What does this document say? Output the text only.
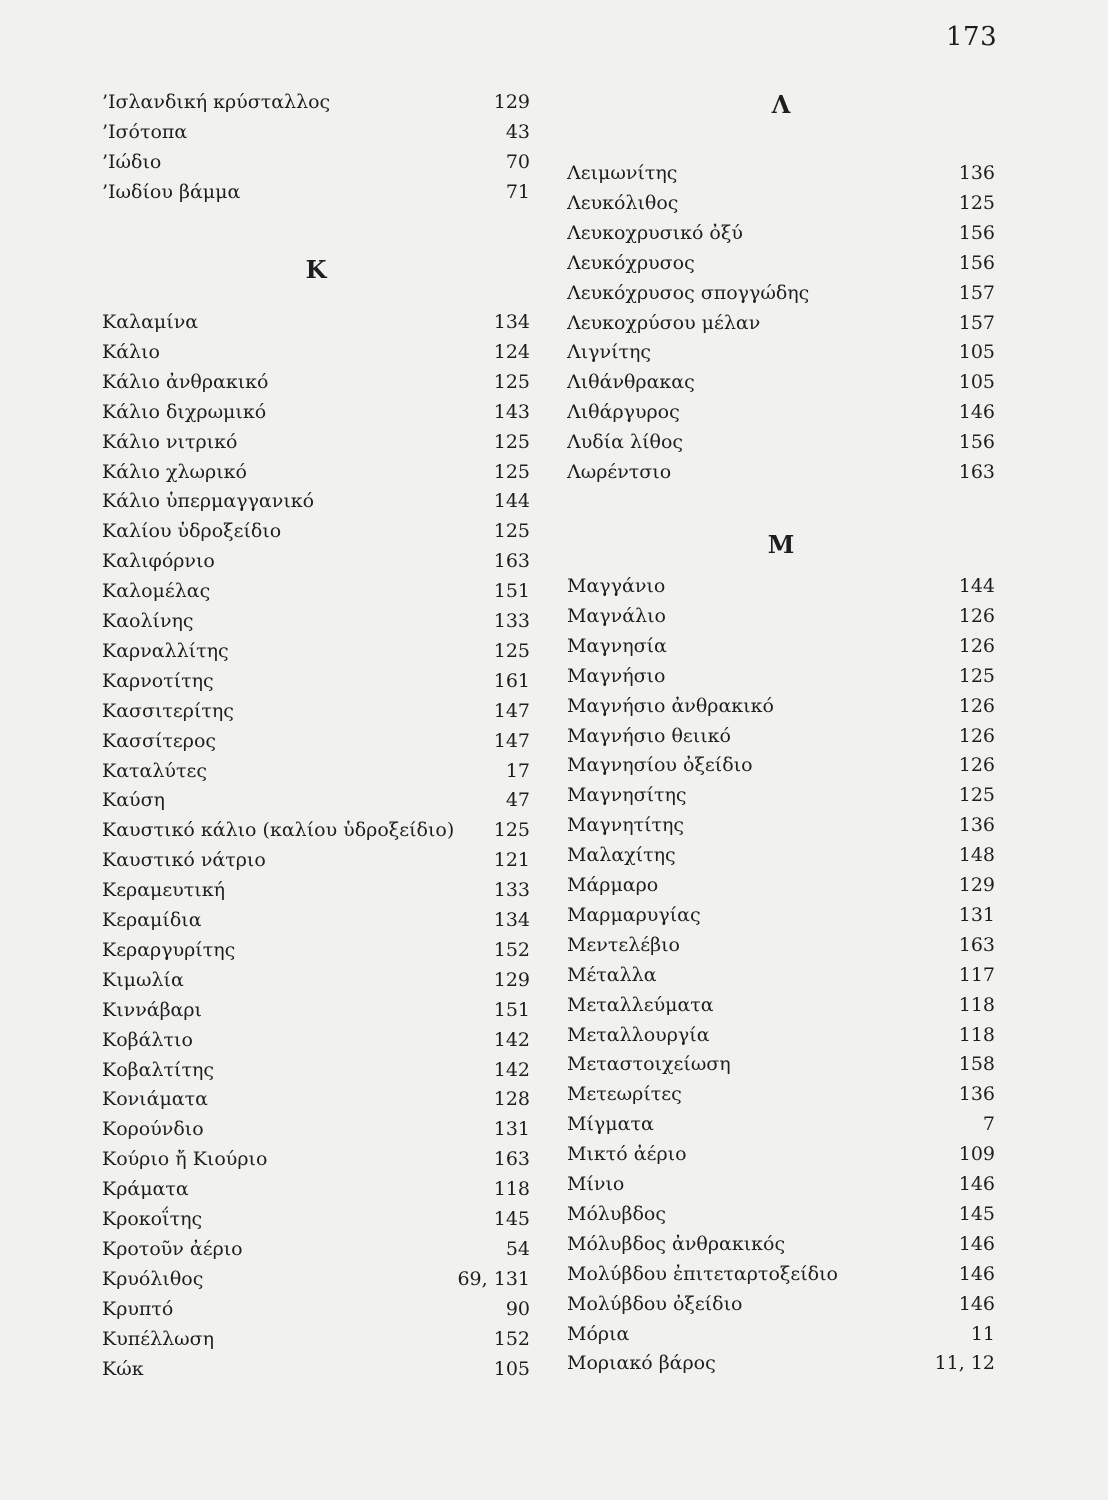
173
’Ισλανδική κρύσταλλος	129
’Ισότοπα	43
’Ιώδιο	70
’Ιωδίου βάμμα	71
Κ
Καλαμίνα	134
Κάλιο	124
Κάλιο ἀνθρακικό	125
Κάλιο διχρωμικό	143
Κάλιο νιτρικό	125
Κάλιο χλωρικό	125
Κάλιο ὑπερμαγγανικό	144
Καλίου ὑδροξείδιο	125
Καλιφόρνιο	163
Καλομέλας	151
Καολίνης	133
Καρναλλίτης	125
Καρνοτίτης	161
Κασσιτερίτης	147
Κασσίτερος	147
Καταλύτες	17
Καύση	47
Καυστικό κάλιο (καλίου ὑδροξείδιο)	125
Καυστικό νάτριο	121
Κεραμευτική	133
Κεραμίδια	134
Κεραργυρίτης	152
Κιμωλία	129
Κιννάβαρι	151
Κοβάλτιο	142
Κοβαλτίτης	142
Κονιάματα	128
Κορούνδιο	131
Κούριο ἤ Κιούριο	163
Κράματα	118
Κροκοΐτης	145
Κροτοῦν ἀέριο	54
Κρυόλιθος	69, 131
Κρυπτό	90
Κυπέλλωση	152
Κώκ	105
Λ
Λειμωνίτης	136
Λευκόλιθος	125
Λευκοχρυσικό ὀξύ	156
Λευκόχρυσος	156
Λευκόχρυσος σπογγώδης	157
Λευκοχρύσου μέλαν	157
Λιγνίτης	105
Λιθάνθρακας	105
Λιθάργυρος	146
Λυδία λίθος	156
Λωρέντσιο	163
Μ
Μαγγάνιο	144
Μαγνάλιο	126
Μαγνησία	126
Μαγνήσιο	125
Μαγνήσιο ἀνθρακικό	126
Μαγνήσιο θειικό	126
Μαγνησίου ὀξείδιο	126
Μαγνησίτης	125
Μαγνητίτης	136
Μαλαχίτης	148
Μάρμαρο	129
Μαρμαρυγίας	131
Μεντελέβιο	163
Μέταλλα	117
Μεταλλεύματα	118
Μεταλλουργία	118
Μεταστοιχείωση	158
Μετεωρίτες	136
Μίγματα	7
Μικτό ἀέριο	109
Μίνιο	146
Μόλυβδος	145
Μόλυβδος ἀνθρακικός	146
Μολύβδου ἐπιτεταρτοξείδιο	146
Μολύβδου ὀξείδιο	146
Μόρια	11
Μοριακό βάρος	11, 12
